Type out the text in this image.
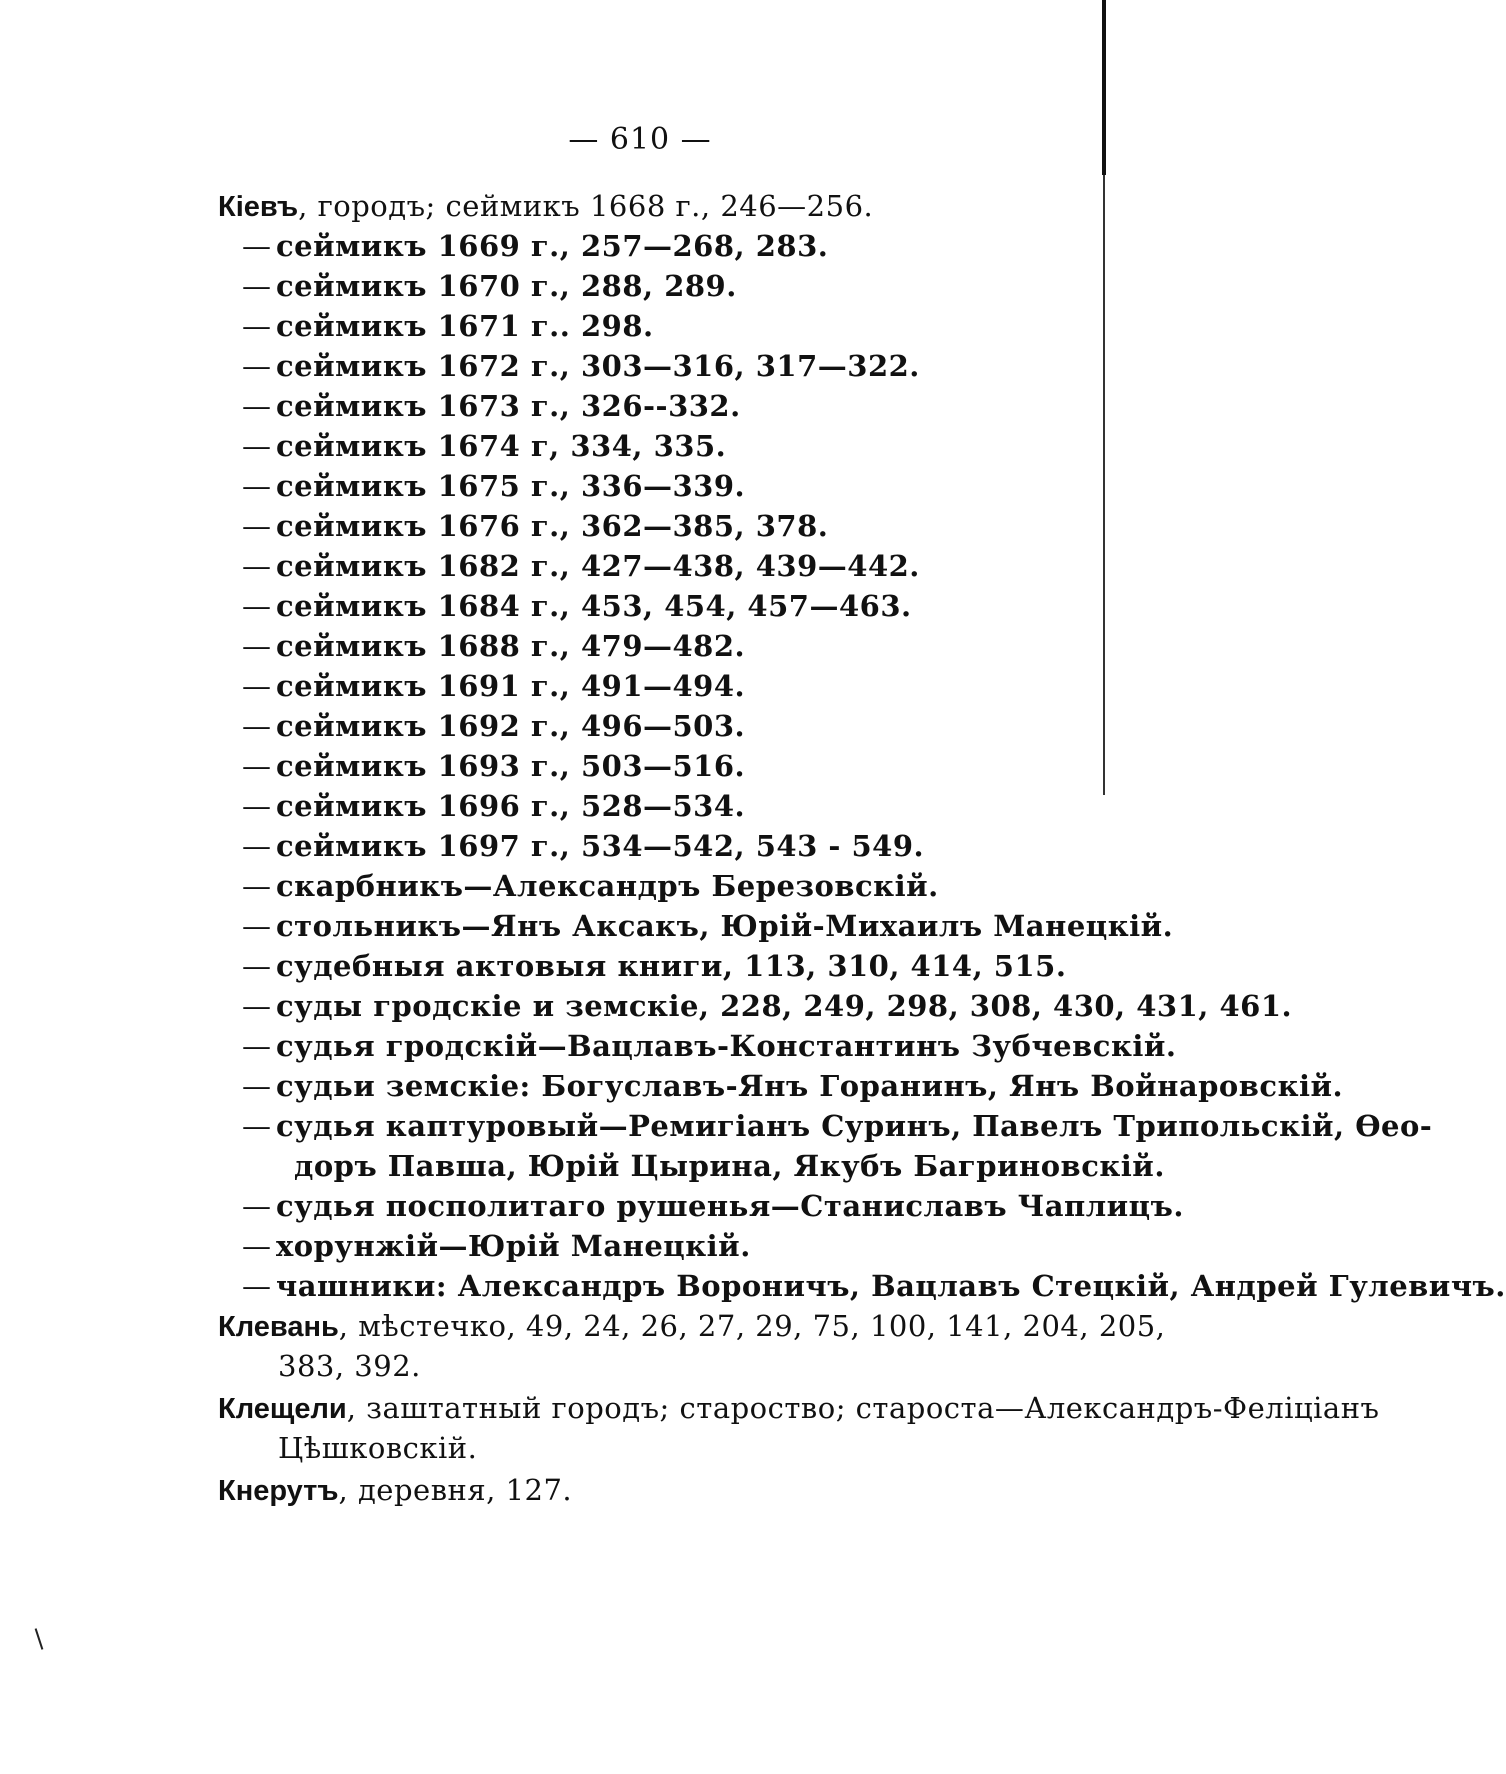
— 610 —
Кіевъ, городъ; сеймикъ 1668 г., 246—256.
— сеймикъ 1669 г., 257—268, 283.
— сеймикъ 1670 г., 288, 289.
— сеймикъ 1671 г.. 298.
— сеймикъ 1672 г., 303—316, 317—322.
— сеймикъ 1673 г., 326--332.
— сеймикъ 1674 г, 334, 335.
— сеймикъ 1675 г., 336—339.
— сеймикъ 1676 г., 362—385, 378.
— сеймикъ 1682 г., 427—438, 439—442.
— сеймикъ 1684 г., 453, 454, 457—463.
— сеймикъ 1688 г., 479—482.
— сеймикъ 1691 г., 491—494.
— сеймикъ 1692 г., 496—503.
— сеймикъ 1693 г., 503—516.
— сеймикъ 1696 г., 528—534.
— сеймикъ 1697 г., 534—542, 543 - 549.
— скарбникъ—Александръ Березовскій.
— стольникъ—Янъ Аксакъ, Юрій-Михаилъ Манецкій.
— судебныя актовыя книги, 113, 310, 414, 515.
— суды гродскіе и земскіе, 228, 249, 298, 308, 430, 431, 461.
— судья гродскій—Вацлавъ-Константинъ Зубчевскій.
— судьи земскіе: Богуславъ-Янъ Горанинъ, Янъ Войнаровскій.
— судья каптуровый—Ремигіанъ Суринъ, Павелъ Трипольскій, Өео-
доръ Павша, Юрій Цырина, Якубъ Багриновскій.
— судья посполитаго рушенья—Станиславъ Чаплицъ.
— хорунжій—Юрій Манецкій.
— чашники: Александръ Вороничъ, Вацлавъ Стецкій, Андрей Гулевичъ.
Клевань, мѣстечко, 49, 24, 26, 27, 29, 75, 100, 141, 204, 205,
383, 392.
Клещели, заштатный городъ; староство; староста—Александръ-Феліціанъ
Цѣшковскій.
Кнерутъ, деревня, 127.
